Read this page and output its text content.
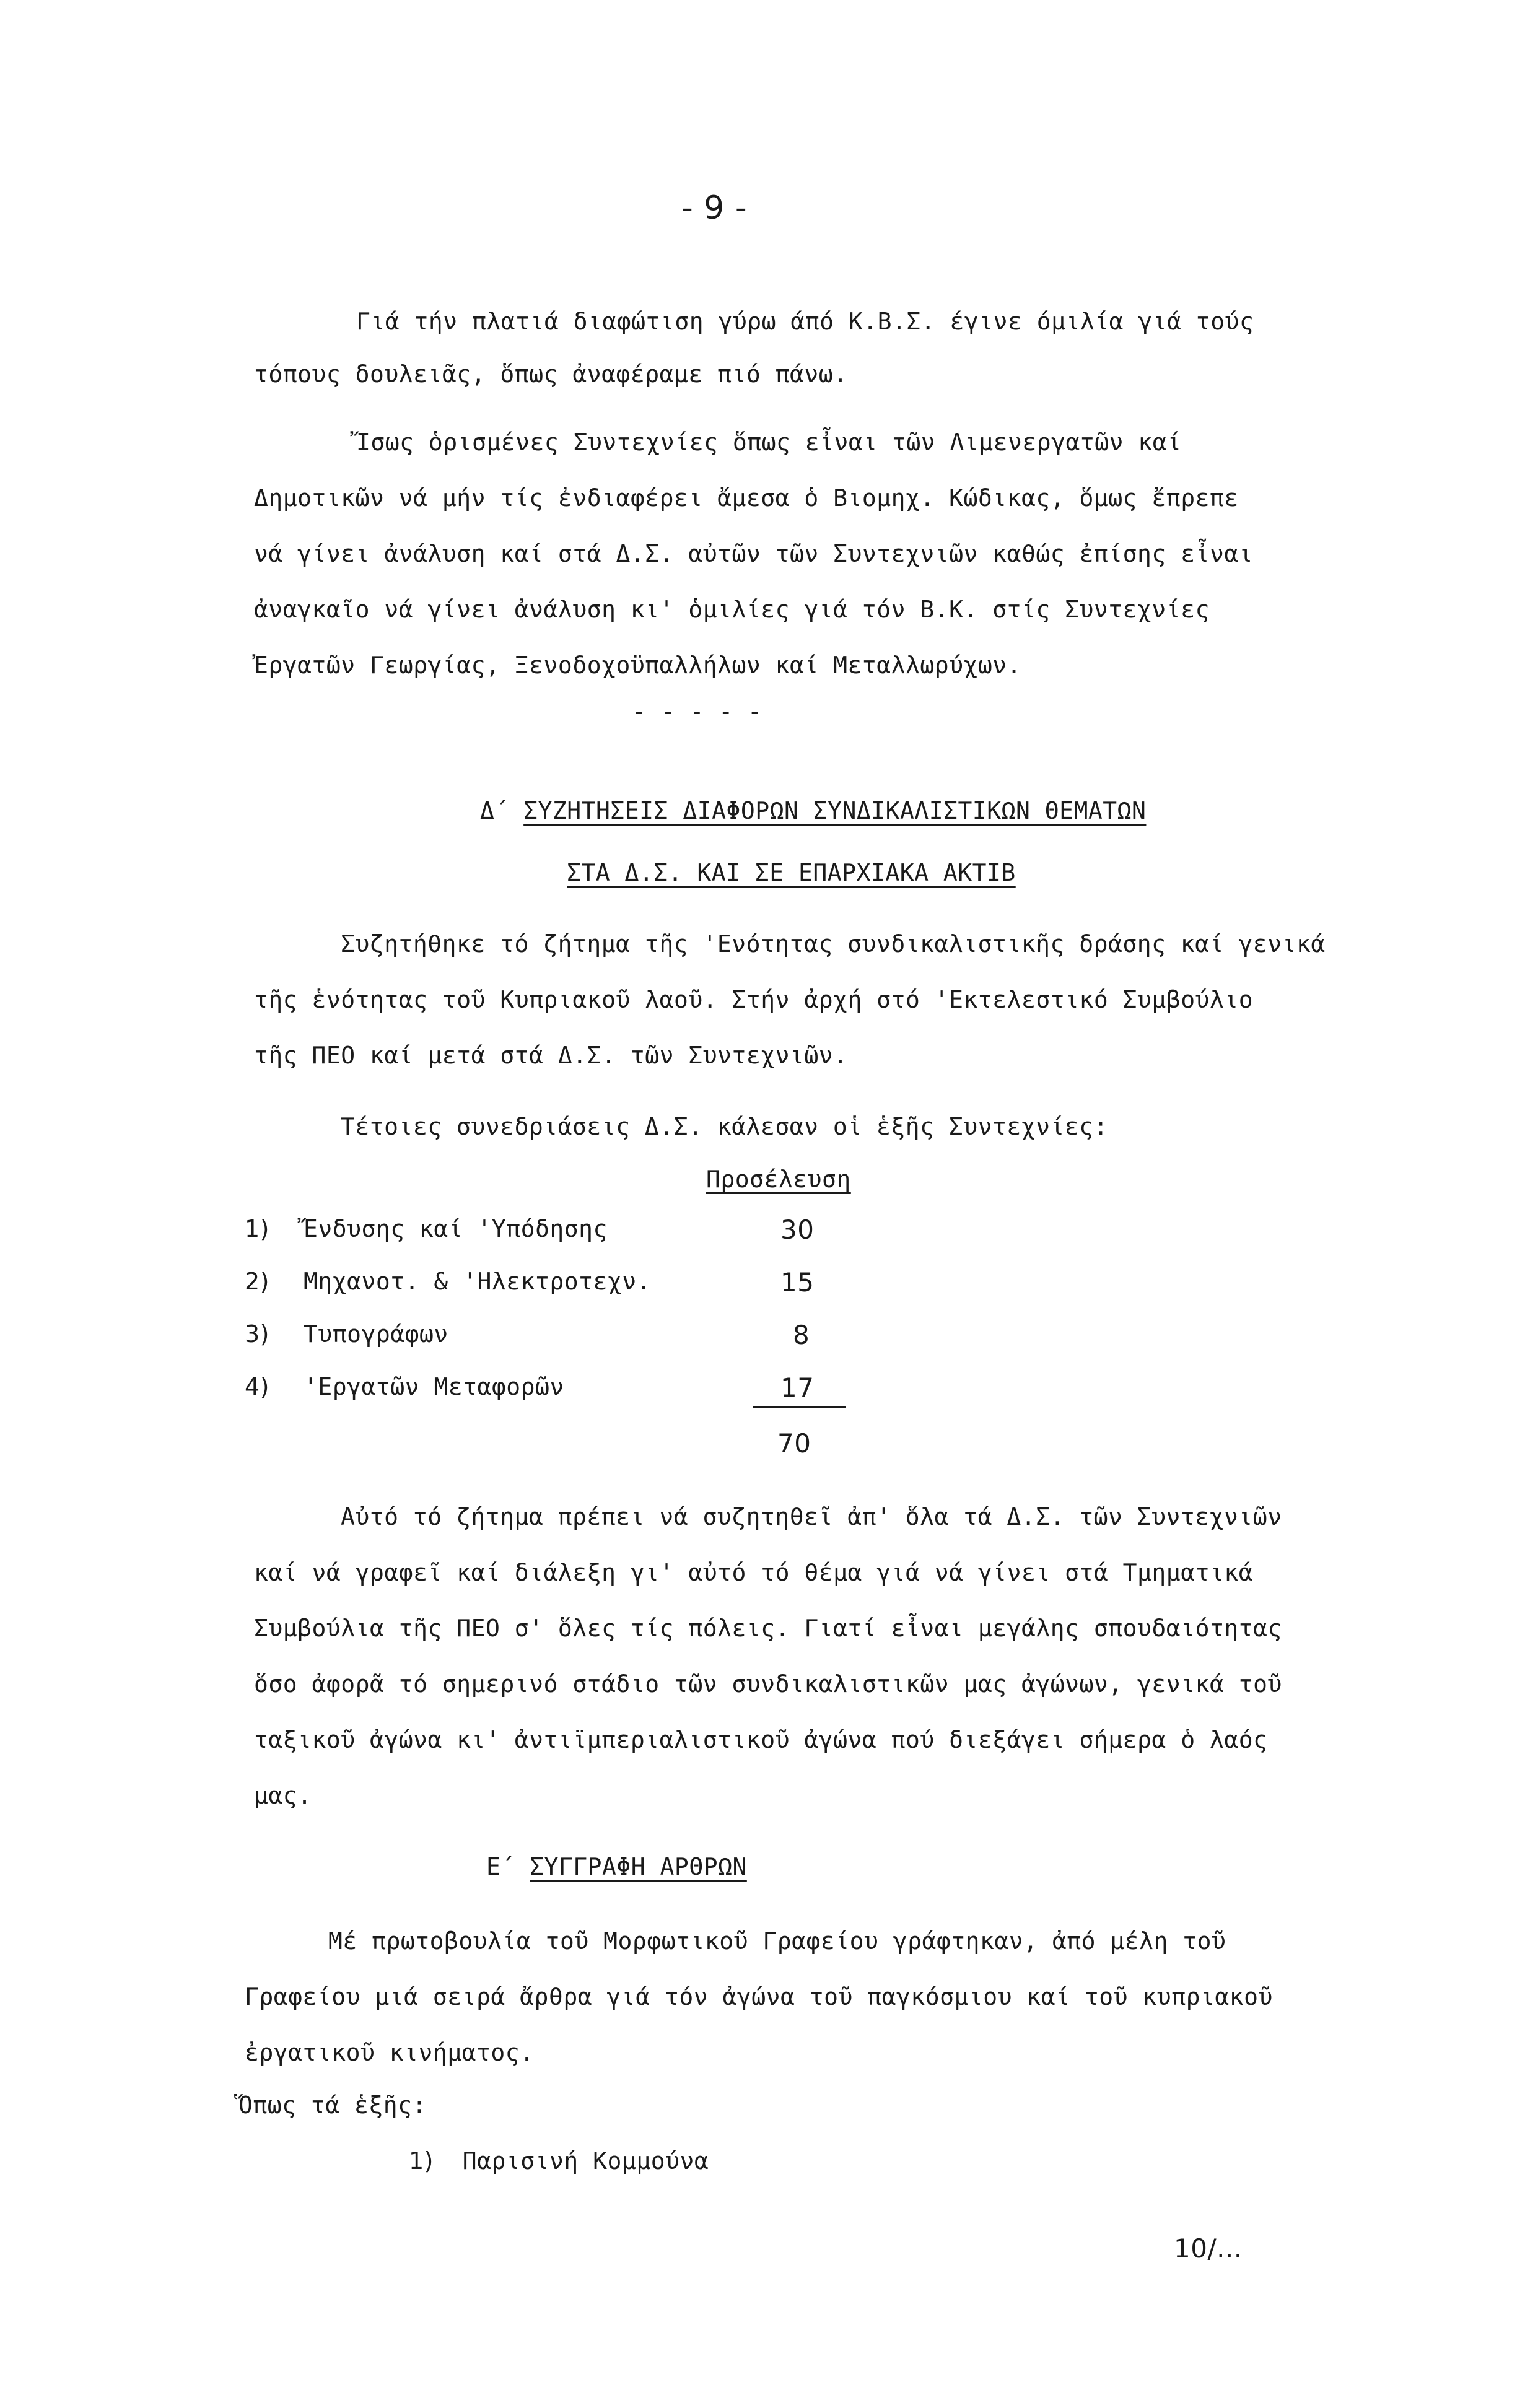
- 9 -
Γιά τήν πλατιά διαφώτιση γύρω άπό Κ.Β.Σ. έγινε όμιλία γιά τούς
τόπους δουλειᾶς, ὅπως ἀναφέραμε πιό πάνω.
Ἴσως ὁρισμένες Συντεχνίες ὅπως εἶναι τῶν Λιμενεργατῶν καί
Δημοτικῶν νά μήν τίς ἐνδιαφέρει ἄμεσα ὁ Βιομηχ. Κώδικας, ὅμως ἔπρεπε
νά γίνει ἀνάλυση καί στά Δ.Σ. αὐτῶν τῶν Συντεχνιῶν καθώς ἐπίσης εἶναι
ἀναγκαῖο νά γίνει ἀνάλυση κι' ὁμιλίες γιά τόν Β.Κ. στίς Συντεχνίες
Ἐργατῶν Γεωργίας, Ξενοδοχοϋπαλλήλων καί Μεταλλωρύχων.
- - - - -
Δ΄ ΣΥΖΗΤΗΣΕΙΣ ΔΙΑΦΟΡΩΝ ΣΥΝΔΙΚΑΛΙΣΤΙΚΩΝ ΘΕΜΑΤΩΝ
ΣΤΑ Δ.Σ. ΚΑΙ ΣΕ ΕΠΑΡΧΙΑΚΑ ΑΚΤΙΒ
Συζητήθηκε τό ζήτημα τῆς 'Ενότητας συνδικαλιστικῆς δράσης καί γενικά
τῆς ἑνότητας τοῦ Κυπριακοῦ λαοῦ. Στήν ἀρχή στό 'Εκτελεστικό Συμβούλιο
τῆς ΠΕΟ καί μετά στά Δ.Σ. τῶν Συντεχνιῶν.
Τέτοιες συνεδριάσεις Δ.Σ. κάλεσαν οἱ ἑξῆς Συντεχνίες:
Προσέλευση
1) Ἔνδυσης καί 'Υπόδησης	30
2) Μηχανοτ. & 'Ηλεκτροτεχν.	15
3) Τυπογράφων	8
4) 'Εργατῶν Μεταφορῶν	17
70
Αὐτό τό ζήτημα πρέπει νά συζητηθεῖ ἀπ' ὅλα τά Δ.Σ. τῶν Συντεχνιῶν
καί νά γραφεῖ καί διάλεξη γι' αὐτό τό θέμα γιά νά γίνει στά Τμηματικά
Συμβούλια τῆς ΠΕΟ σ' ὅλες τίς πόλεις. Γιατί εἶναι μεγάλης σπουδαιότητας
ὅσο ἀφορᾶ τό σημερινό στάδιο τῶν συνδικαλιστικῶν μας ἀγώνων, γενικά τοῦ
ταξικοῦ ἀγώνα κι' ἀντιϊμπεριαλιστικοῦ ἀγώνα πού διεξάγει σήμερα ὁ λαός
μας.
Ε΄ ΣΥΓΓΡΑΦΗ ΑΡΘΡΩΝ
Μέ πρωτοβουλία τοῦ Μορφωτικοῦ Γραφείου γράφτηκαν, ἀπό μέλη τοῦ
Γραφείου μιά σειρά ἄρθρα γιά τόν ἀγώνα τοῦ παγκόσμιου καί τοῦ κυπριακοῦ
ἐργατικοῦ κινήματος.
Ὅπως τά ἑξῆς:
1) Παρισινή Κομμούνα
10/...
